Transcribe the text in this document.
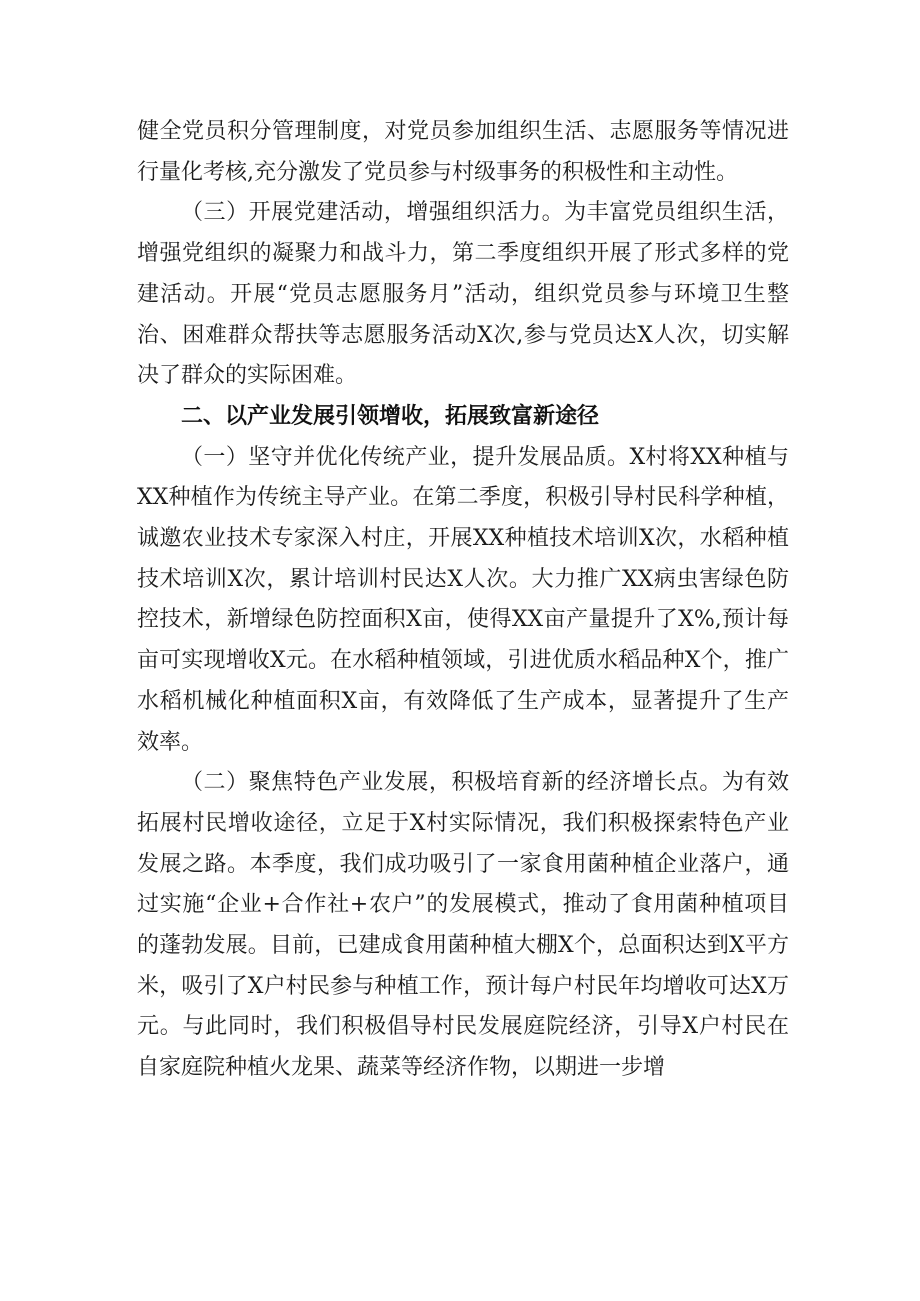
健全党员积分管理制度，对党员参加组织生活、志愿服务等情况进行量化考核,充分激发了党员参与村级事务的积极性和主动性。

（三）开展党建活动，增强组织活力。为丰富党员组织生活，增强党组织的凝聚力和战斗力，第二季度组织开展了形式多样的党建活动。开展“党员志愿服务月”活动，组织党员参与环境卫生整治、困难群众帮扶等志愿服务活动X次,参与党员达X人次，切实解决了群众的实际困难。

二、以产业发展引领增收，拓展致富新途径

（一）坚守并优化传统产业，提升发展品质。X村将XX种植与XX种植作为传统主导产业。在第二季度，积极引导村民科学种植，诚邀农业技术专家深入村庄，开展XX种植技术培训X次，水稻种植技术培训X次，累计培训村民达X人次。大力推广XX病虫害绿色防控技术，新增绿色防控面积X亩，使得XX亩产量提升了X%,预计每亩可实现增收X元。在水稻种植领域，引进优质水稻品种X个，推广水稻机械化种植面积X亩，有效降低了生产成本，显著提升了生产效率。

（二）聚焦特色产业发展，积极培育新的经济增长点。为有效拓展村民增收途径，立足于X村实际情况，我们积极探索特色产业发展之路。本季度，我们成功吸引了一家食用菌种植企业落户，通过实施“企业+合作社+农户”的发展模式，推动了食用菌种植项目的蓬勃发展。目前，已建成食用菌种植大棚X个，总面积达到X平方米，吸引了X户村民参与种植工作，预计每户村民年均增收可达X万元。与此同时，我们积极倡导村民发展庭院经济，引导X户村民在自家庭院种植火龙果、蔬菜等经济作物，以期进一步增
